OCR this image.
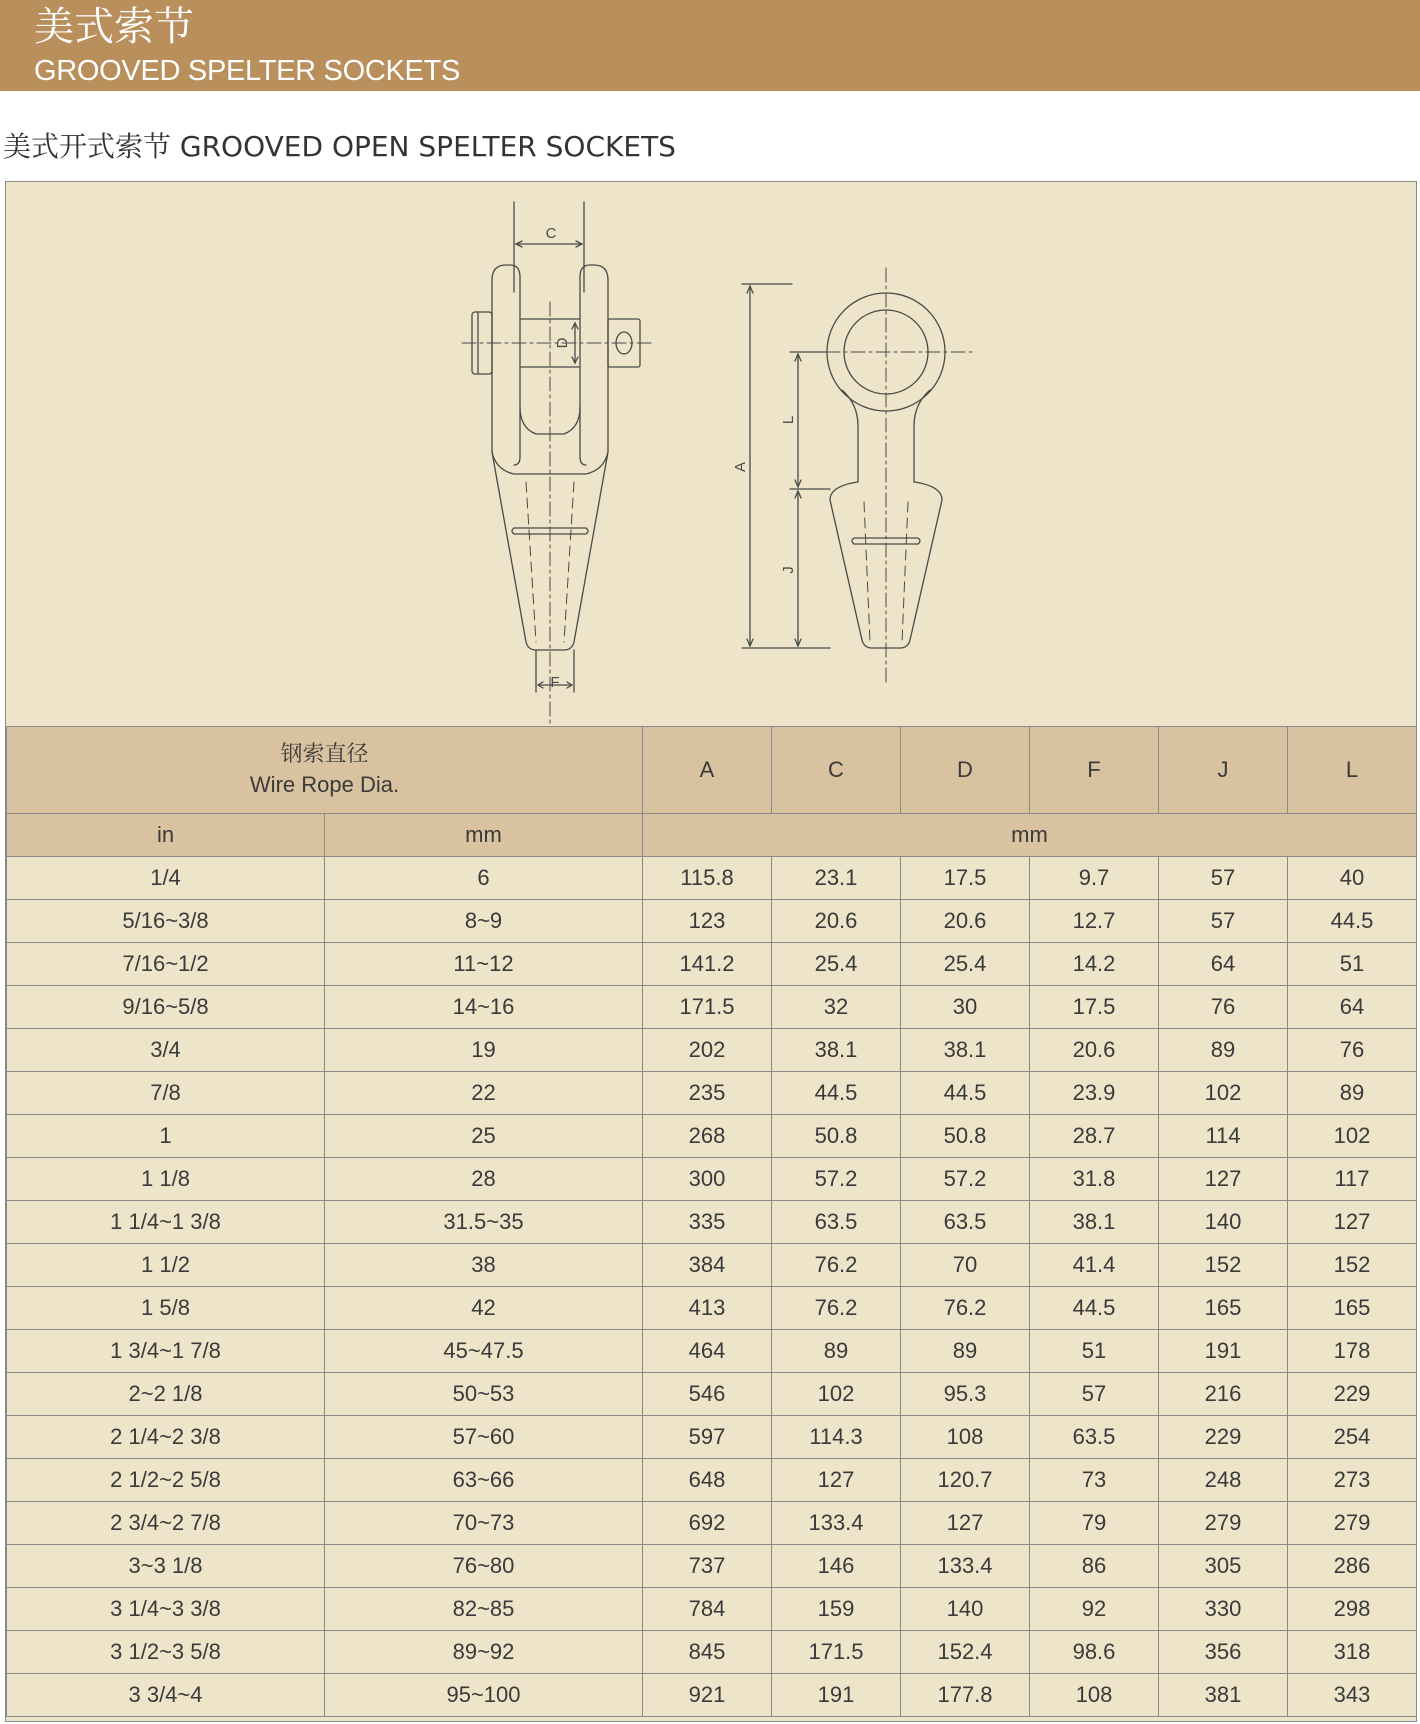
美式索节
GROOVED SPELTER SOCKETS
美式开式索节 GROOVED OPEN SPELTER SOCKETS
C
D
F
A
L
J
钢索直径
Wire Rope Dia.		A	C	D	F	J	L
in	mm	mm					
1/4	6	115.8	23.1	17.5	9.7	57	40
5/16~3/8	8~9	123	20.6	20.6	12.7	57	44.5
7/16~1/2	11~12	141.2	25.4	25.4	14.2	64	51
9/16~5/8	14~16	171.5	32	30	17.5	76	64
3/4	19	202	38.1	38.1	20.6	89	76
7/8	22	235	44.5	44.5	23.9	102	89
1	25	268	50.8	50.8	28.7	114	102
1 1/8	28	300	57.2	57.2	31.8	127	117
1 1/4~1 3/8	31.5~35	335	63.5	63.5	38.1	140	127
1 1/2	38	384	76.2	70	41.4	152	152
1 5/8	42	413	76.2	76.2	44.5	165	165
1 3/4~1 7/8	45~47.5	464	89	89	51	191	178
2~2 1/8	50~53	546	102	95.3	57	216	229
2 1/4~2 3/8	57~60	597	114.3	108	63.5	229	254
2 1/2~2 5/8	63~66	648	127	120.7	73	248	273
2 3/4~2 7/8	70~73	692	133.4	127	79	279	279
3~3 1/8	76~80	737	146	133.4	86	305	286
3 1/4~3 3/8	82~85	784	159	140	92	330	298
3 1/2~3 5/8	89~92	845	171.5	152.4	98.6	356	318
3 3/4~4	95~100	921	191	177.8	108	381	343
